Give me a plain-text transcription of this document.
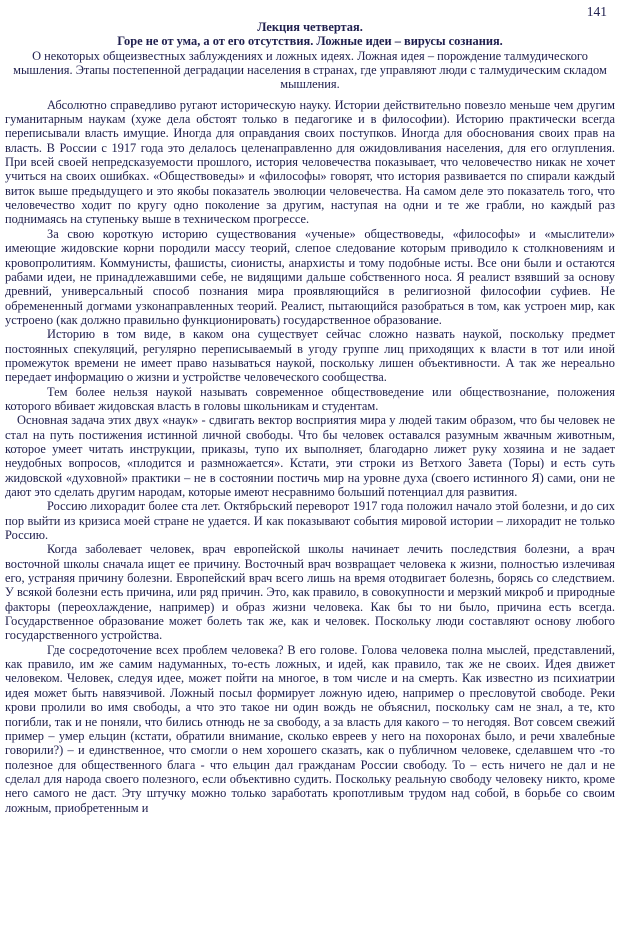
141
Лекция четвертая.
Горе не от ума, а от его отсутствия. Ложные идеи – вирусы сознания.
О некоторых общеизвестных заблуждениях и ложных идеях. Ложная идея – порождение талмудического мышления. Этапы постепенной деградации населения в странах, где управляют люди с талмудическим складом мышления.

Абсолютно справедливо ругают историческую науку. Истории действительно повезло меньше чем другим гуманитарным наукам (хуже дела обстоят только в педагогике и в философии). Историю практически всегда переписывали власть имущие. Иногда для оправдания своих поступков. Иногда для обоснования своих прав на власть. В России с 1917 года это делалось целенаправленно для ожидовливания населения, для его оглупления. При всей своей непредсказуемости прошлого, история человечества показывает, что человечество никак не хочет учиться на своих ошибках. «Обществоведы» и «философы» говорят, что история развивается по спирали каждый виток выше предыдущего и это якобы показатель эволюции человечества. На самом деле это показатель того, что человечество ходит по кругу одно поколение за другим, наступая на одни и те же грабли, но каждый раз поднимаясь на ступеньку выше в техническом прогрессе.

За свою короткую историю существования «ученые» обществоведы, «философы» и «мыслители» имеющие жидовские корни породили массу теорий, слепое следование которым приводило к столкновениям и кровопролитиям. Коммунисты, фашисты, сионисты, анархисты и тому подобные исты. Все они были и остаются рабами идеи, не принадлежавшими себе, не видящими дальше собственного носа. Я реалист взявший за основу древний, универсальный способ познания мира проявляющийся в религиозной философии суфиев. Не обремененный догмами узконаправленных теорий. Реалист, пытающийся разобраться в том, как устроен мир, как устроено (как должно правильно функционировать) государственное образование.

Историю в том виде, в каком она существует сейчас сложно назвать наукой, поскольку предмет постоянных спекуляций, регулярно переписываемый в угоду группе лиц приходящих к власти в тот или иной промежуток времени не имеет право называться наукой, поскольку лишен объективности. А так же нереально передает информацию о жизни и устройстве человеческого сообщества.

Тем более нельзя наукой называть современное обществоведение или обществознание, положения которого вбивает жидовская власть в головы школьникам и студентам.

Основная задача этих двух «наук» - сдвигать вектор восприятия мира у людей таким образом, что бы человек не стал на путь постижения истинной личной свободы. Что бы человек оставался разумным жвачным животным, которое умеет читать инструкции, приказы, тупо их выполняет, благодарно лижет руку хозяина и не задает неудобных вопросов, «плодится и размножается». Кстати, эти строки из Ветхого Завета (Торы) и есть суть жидовской «духовной» практики – не в состоянии постичь мир на уровне духа (своего истинного Я) сами, они не дают это сделать другим народам, которые имеют несравнимо больший потенциал для развития.

Россию лихорадит более ста лет. Октябрьский переворот 1917 года положил начало этой болезни, и до сих пор выйти из кризиса моей стране не удается. И как показывают события мировой истории – лихорадит не только Россию.

Когда заболевает человек, врач европейской школы начинает лечить последствия болезни, а врач восточной школы сначала ищет ее причину. Восточный врач возвращает человека к жизни, полностью излечивая его, устраняя причину болезни. Европейский врач всего лишь на время отодвигает болезнь, борясь со следствием. У всякой болезни есть причина, или ряд причин. Это, как правило, в совокупности и мерзкий микроб и природные факторы (переохлаждение, например) и образ жизни человека. Как бы то ни было, причина есть всегда. Государственное образование может болеть так же, как и человек. Поскольку люди составляют основу любого государственного устройства.

Где сосредоточение всех проблем человека? В его голове. Голова человека полна мыслей, представлений, как правило, им же самим надуманных, то-есть ложных, и идей, как правило, так же не своих. Идея движет человеком. Человек, следуя идее, может пойти на многое, в том числе и на смерть. Как известно из психиатрии идея может быть навязчивой. Ложный посыл формирует ложную идею, например о пресловутой свободе. Реки крови пролили во имя свободы, а что это такое ни один вождь не объяснил, поскольку сам не знал, а те, кто погибли, так и не поняли, что бились отнюдь не за свободу, а за власть для какого – то негодяя. Вот совсем свежий пример – умер ельцин (кстати, обратили внимание, сколько евреев у него на похоронах было, и речи хвалебные говорили?) – и единственное, что смогли о нем хорошего сказать, как о публичном человеке, сделавшем что -то полезное для общественного блага - что ельцин дал гражданам России свободу. То – есть ничего не дал и не сделал для народа своего полезного, если объективно судить. Поскольку реальную свободу человеку никто, кроме него самого не даст. Эту штучку можно только заработать кропотливым трудом над собой, в борьбе со своим ложным, приобретенным и
